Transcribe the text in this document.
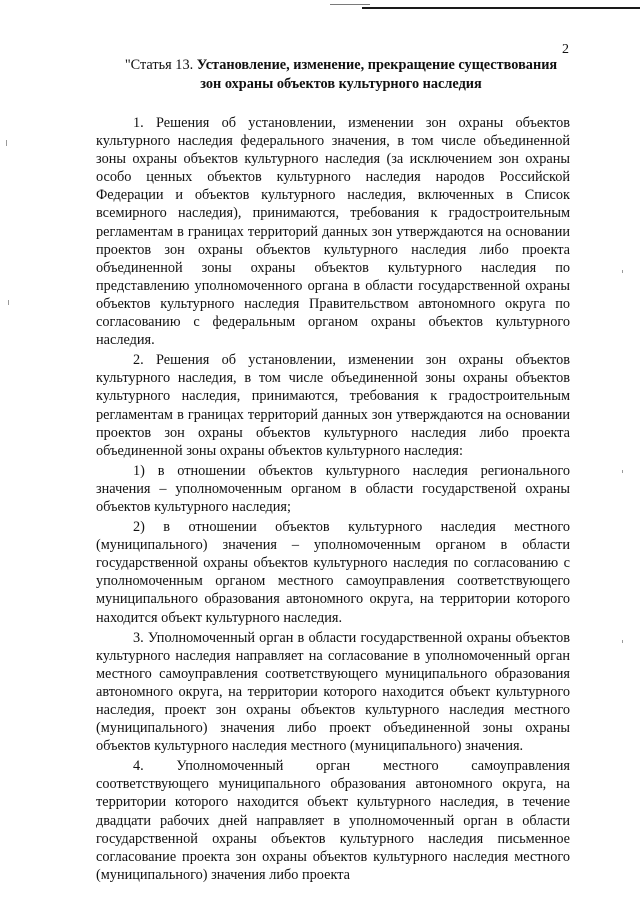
2
"Статья 13. Установление, изменение, прекращение существования
зон охраны объектов культурного наследия

1. Решения об установлении, изменении зон охраны объектов культурного наследия федерального значения, в том числе объединенной зоны охраны объектов культурного наследия (за исключением зон охраны особо ценных объектов культурного наследия народов Российской Федерации и объектов культурного наследия, включенных в Список всемирного наследия), принимаются, требования к градостроительным регламентам в границах территорий данных зон утверждаются на основании проектов зон охраны объектов культурного наследия либо проекта объединенной зоны охраны объектов культурного наследия по представлению уполномоченного органа в области государственной охраны объектов культурного наследия Правительством автономного округа по согласованию с федеральным органом охраны объектов культурного наследия.

2. Решения об установлении, изменении зон охраны объектов культурного наследия, в том числе объединенной зоны охраны объектов культурного наследия, принимаются, требования к градостроительным регламентам в границах территорий данных зон утверждаются на основании проектов зон охраны объектов культурного наследия либо проекта объединенной зоны охраны объектов культурного наследия:

1) в отношении объектов культурного наследия регионального значения – уполномоченным органом в области государственой охраны объектов культурного наследия;

2) в отношении объектов культурного наследия местного (муниципального) значения – уполномоченным органом в области государственной охраны объектов культурного наследия по согласованию с уполномоченным органом местного самоуправления соответствующего муниципального образования автономного округа, на территории которого находится объект культурного наследия.

3. Уполномоченный орган в области государственной охраны объектов культурного наследия направляет на согласование в уполномоченный орган местного самоуправления соответствующего муниципального образования автономного округа, на территории которого находится объект культурного наследия, проект зон охраны объектов культурного наследия местного (муниципального) значения либо проект объединенной зоны охраны объектов культурного наследия местного (муниципального) значения.

4. Уполномоченный орган местного самоуправления соответствующего муниципального образования автономного округа, на территории которого находится объект культурного наследия, в течение двадцати рабочих дней направляет в уполномоченный орган в области государственной охраны объектов культурного наследия письменное согласование проекта зон охраны объектов культурного наследия местного (муниципального) значения либо проекта
